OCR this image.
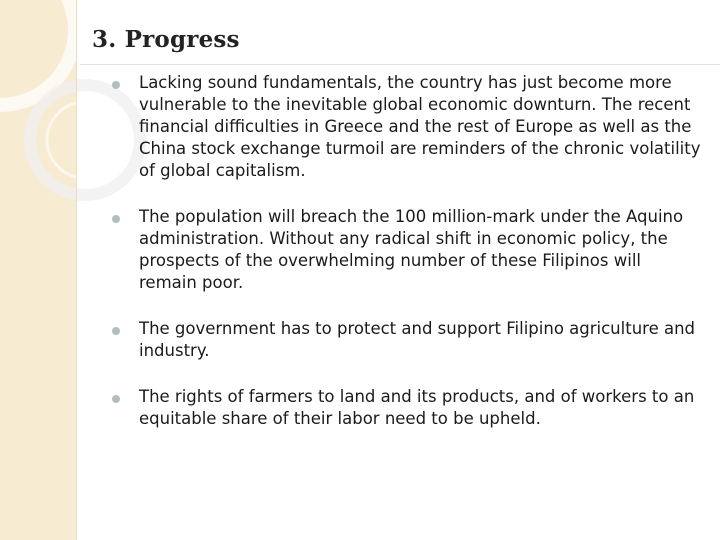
3. Progress
Lacking sound fundamentals, the country has just become more vulnerable to the inevitable global economic downturn. The recent financial difficulties in Greece and the rest of Europe as well as the China stock exchange turmoil are reminders of the chronic volatility of global capitalism.
The population will breach the 100 million-mark under the Aquino administration. Without any radical shift in economic policy, the prospects of the overwhelming number of these Filipinos will remain poor.
The government has to protect and support Filipino agriculture and industry.
The rights of farmers to land and its products, and of workers to an equitable share of their labor need to be upheld.
